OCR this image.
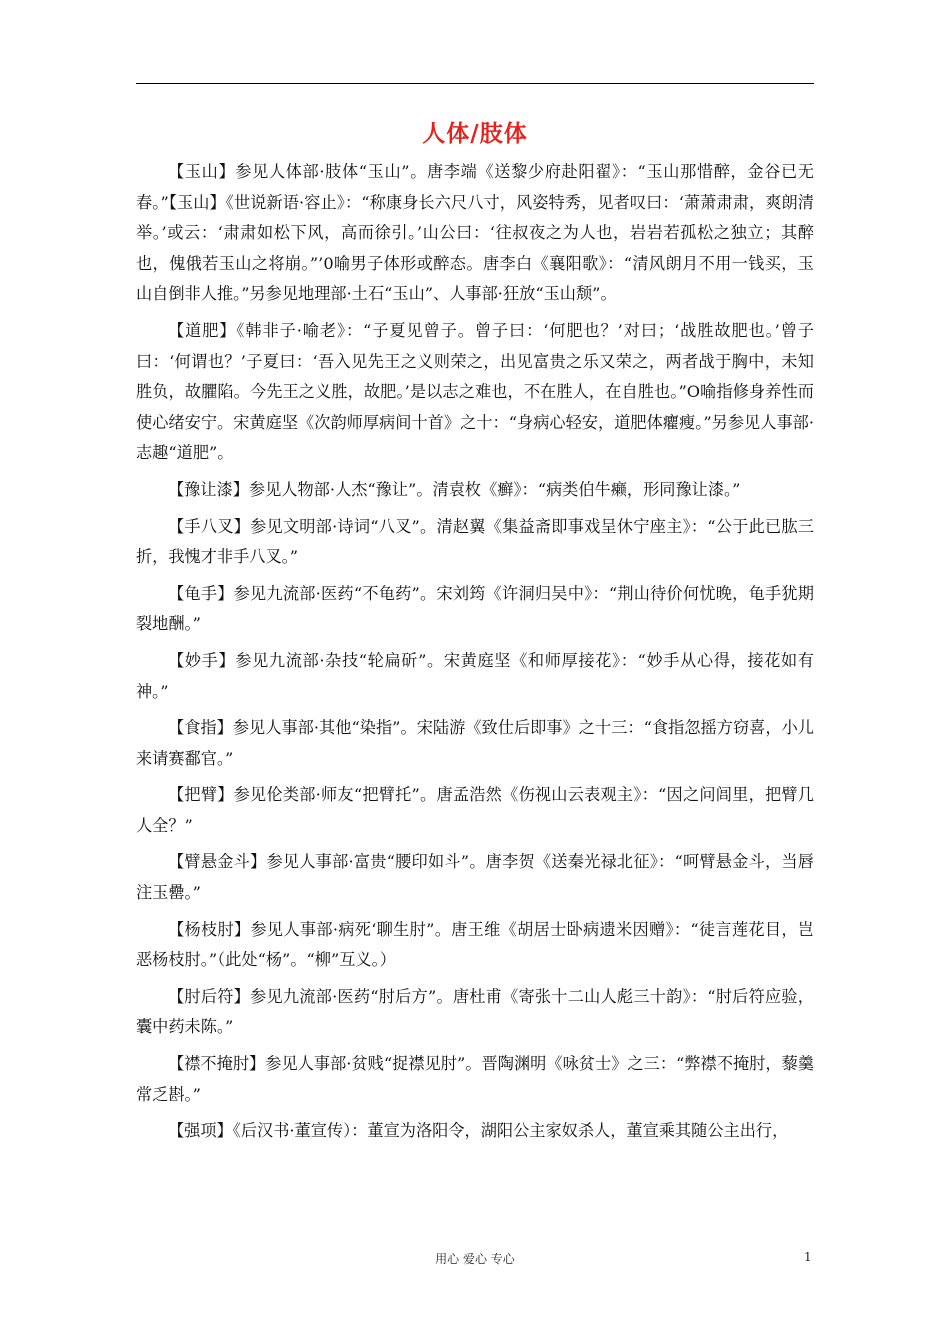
人体/肢体

【玉山】参见人体部·肢体“玉山”。唐李端《送黎少府赴阳翟》：“玉山那惜醉，金谷已无春。”【玉山】《世说新语·容止》：“称康身长六尺八寸，风姿特秀，见者叹曰：‘萧萧肃肃，爽朗清举。’或云：‘肃肃如松下风，高而徐引。’山公曰：‘往叔夜之为人也，岩岩若孤松之独立；其醉也，傀俄若玉山之将崩。”’0喻男子体形或醉态。唐李白《襄阳歌》：“清风朗月不用一钱买，玉山自倒非人推。”另参见地理部·土石“玉山”、人事部·狂放“玉山颓”。

【道肥】《韩非子·喻老》：“子夏见曾子。曾子曰：‘何肥也？’对曰；‘战胜故肥也。’曾子曰：‘何谓也？’子夏曰：‘吾入见先王之义则荣之，出见富贵之乐又荣之，两者战于胸中，未知胜负，故臞陷。今先王之义胜，故肥。’是以志之难也，不在胜人，在自胜也。”O喻指修身养性而使心绪安宁。宋黄庭坚《次韵师厚病间十首》之十：“身病心轻安，道肥体癯瘦。”另参见人事部·志趣“道肥”。

【豫让漆】参见人物部·人杰“豫让”。清袁枚《癣》：“病类伯牛癞，形同豫让漆。”

【手八叉】参见文明部·诗词“八叉”。清赵翼《集益斋即事戏呈休宁座主》：“公于此已肱三折，我愧才非手八叉。”

【龟手】参见九流部·医药“不龟药”。宋刘筠《许洞归吴中》：“荆山待价何忧晚，龟手犹期裂地酬。”

【妙手】参见九流部·杂技“轮扁斫”。宋黄庭坚《和师厚接花》：“妙手从心得，接花如有神。”

【食指】参见人事部·其他“染指”。宋陆游《致仕后即事》之十三：“食指忽摇方窃喜，小儿来请赛鄱官。”

【把臂】参见伦类部·师友“把臂托”。唐孟浩然《伤视山云表观主》：“因之问闾里，把臂几人全？”

【臂悬金斗】参见人事部·富贵“腰印如斗”。唐李贺《送秦光禄北征》：“呵臂悬金斗，当唇注玉罍。”

【杨枝肘】参见人事部·病死‘聊生肘”。唐王维《胡居士卧病遗米因赠》：“徒言莲花目，岂恶杨枝肘。”（此处“杨”。“柳”互义。）

【肘后符】参见九流部·医药“肘后方”。唐杜甫《寄张十二山人彪三十韵》：“肘后符应验，囊中药未陈。”

【襟不掩肘】参见人事部·贫贱“捉襟见肘”。晋陶渊明《咏贫士》之三：“弊襟不掩肘，藜羹常乏斟。”

【强项】《后汉书·董宣传）：董宣为洛阳令，湖阳公主家奴杀人，董宣乘其随公主出行，

用心 爱心 专心	1
